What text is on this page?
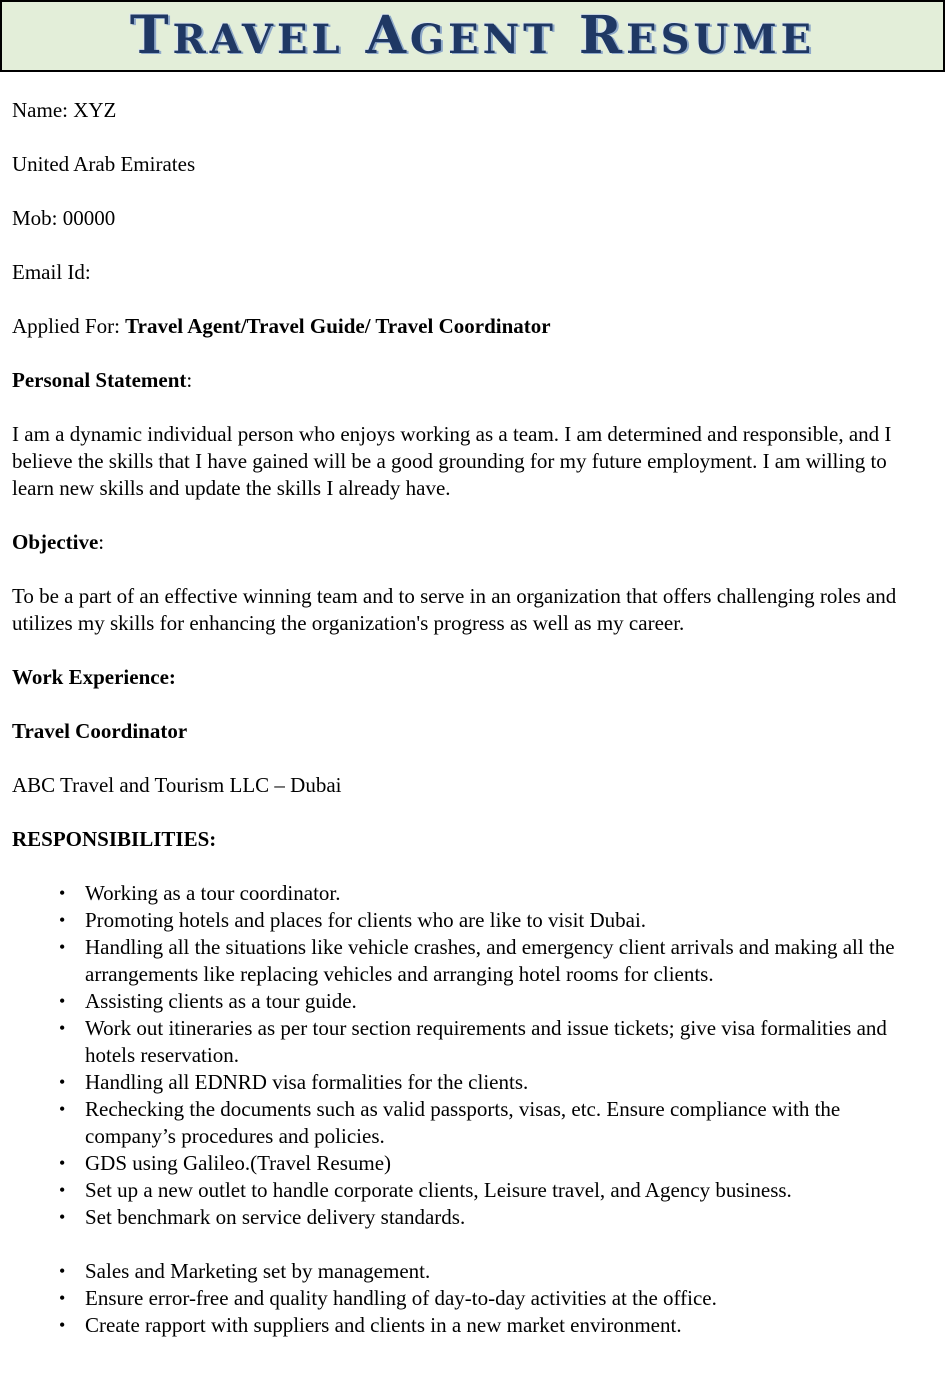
TRAVEL AGENT RESUME

Name: XYZ

United Arab Emirates

Mob: 00000

Email Id:

Applied For: Travel Agent/Travel Guide/ Travel Coordinator

Personal Statement:

I am a dynamic individual person who enjoys working as a team. I am determined and responsible, and I believe the skills that I have gained will be a good grounding for my future employment. I am willing to learn new skills and update the skills I already have.

Objective:

To be a part of an effective winning team and to serve in an organization that offers challenging roles and utilizes my skills for enhancing the organization's progress as well as my career.

Work Experience:

Travel Coordinator

ABC Travel and Tourism LLC – Dubai

RESPONSIBILITIES:

• Working as a tour coordinator.
• Promoting hotels and places for clients who are like to visit Dubai.
• Handling all the situations like vehicle crashes, and emergency client arrivals and making all the arrangements like replacing vehicles and arranging hotel rooms for clients.
• Assisting clients as a tour guide.
• Work out itineraries as per tour section requirements and issue tickets; give visa formalities and hotels reservation.
• Handling all EDNRD visa formalities for the clients.
• Rechecking the documents such as valid passports, visas, etc. Ensure compliance with the company’s procedures and policies.
• GDS using Galileo.(Travel Resume)
• Set up a new outlet to handle corporate clients, Leisure travel, and Agency business.
• Set benchmark on service delivery standards.
• Sales and Marketing set by management.
• Ensure error-free and quality handling of day-to-day activities at the office.
• Create rapport with suppliers and clients in a new market environment.
